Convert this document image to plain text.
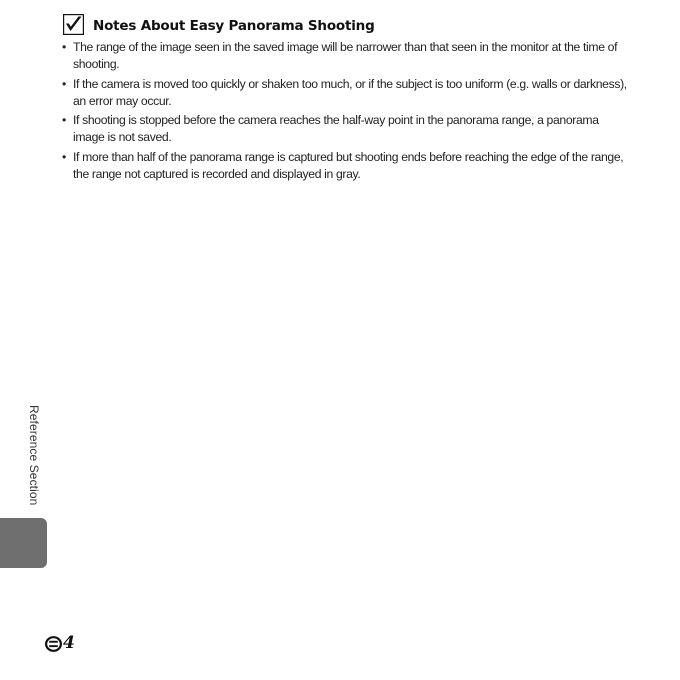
Notes About Easy Panorama Shooting
• The range of the image seen in the saved image will be narrower than that seen in the monitor at the time of shooting.
• If the camera is moved too quickly or shaken too much, or if the subject is too uniform (e.g. walls or darkness), an error may occur.
• If shooting is stopped before the camera reaches the half-way point in the panorama range, a panorama image is not saved.
• If more than half of the panorama range is captured but shooting ends before reaching the edge of the range, the range not captured is recorded and displayed in gray.
Reference Section
4
